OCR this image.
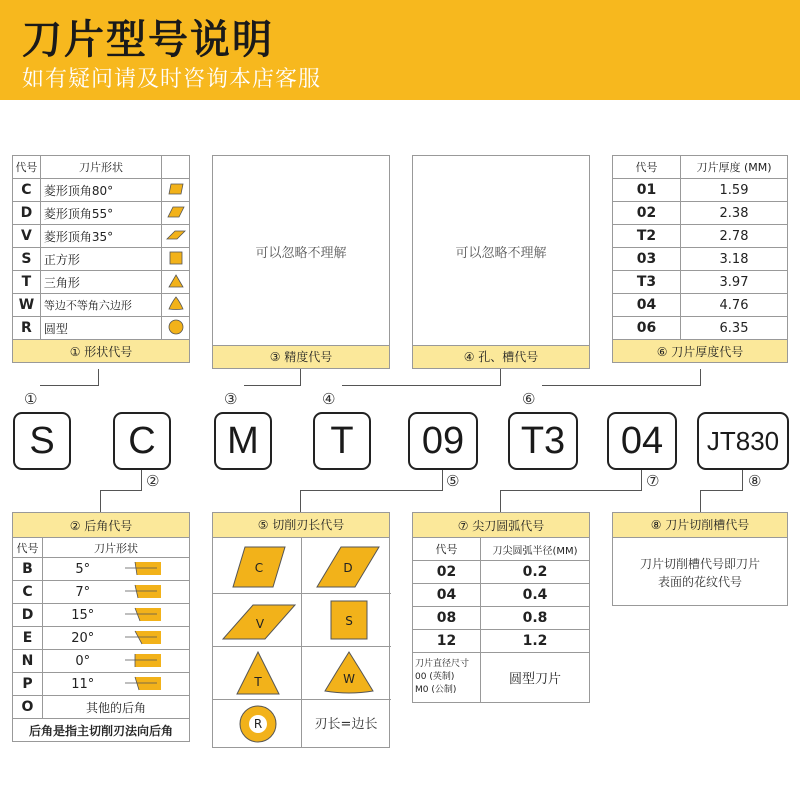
刀片型号说明
如有疑问请及时咨询本店客服
代号	刀片形状	
C	菱形顶角80°	
D	菱形顶角55°	
V	菱形顶角35°	
S	正方形	
T	三角形	
W	等边不等角六边形	
R	圆型	
① 形状代号		
可以忽略不理解
③ 精度代号
可以忽略不理解
④ 孔、槽代号
代号	刀片厚度 (MM)
01	1.59
02	2.38
T2	2.78
03	3.18
T3	3.97
04	4.76
06	6.35
⑥ 刀片厚度代号	
①	③	④	⑥
S	C	M	T	09	T3	04	JT830
②	⑤	⑦	⑧
② 后角代号		
代号	刀片形状	
B	5°	
C	7°	
D	15°	
E	20°	
N	0°	
P	11°	
O	其他的后角	
后角是指主切削刃法向后角		
⑤ 切削刃长代号
C	D
V	S
T	W
R	刃长=边长
⑦ 尖刀圆弧代号	
代号	刀尖圆弧半径(MM)
02	0.2
04	0.4
08	0.8
12	1.2

刀片直径尺寸
00 (英制)
M0 (公制)	圆型刀片
⑧ 刀片切削槽代号
刀片切削槽代号即刀片
表面的花纹代号
